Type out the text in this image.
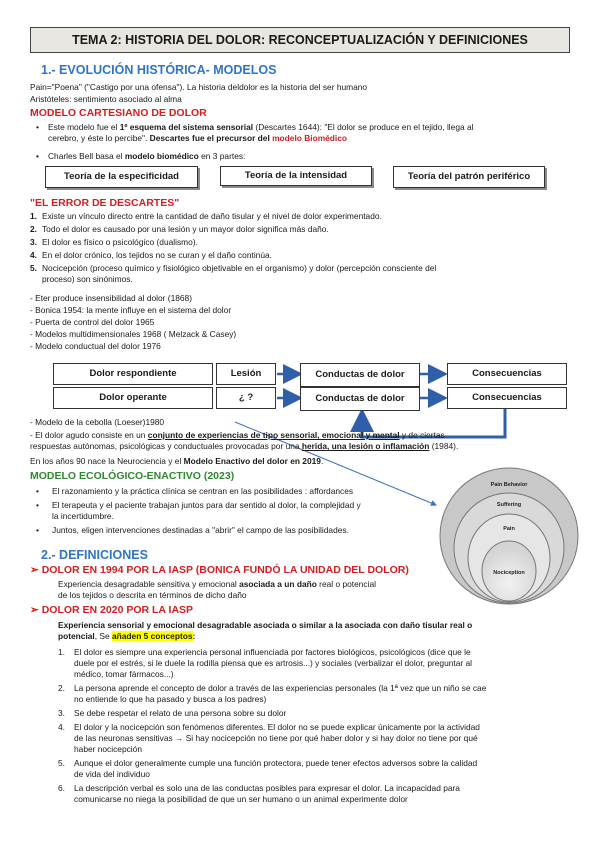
TEMA 2: HISTORIA DEL DOLOR: RECONCEPTUALIZACIÓN Y DEFINICIONES
1.- EVOLUCIÓN HISTÓRICA- MODELOS
Pain="Poena" ("Castigo por una ofensa"). La historia deldolor es la historia del ser humano
Aristóteles: sentimiento asociado al alma
MODELO CARTESIANO DE DOLOR
• Este modelo fue el 1º esquema del sistema sensorial (Descartes 1644): "El dolor se produce en el tejido, llega al
cerebro, y éste lo percibe". Descartes fue el precursor del modelo Biomédico
• Charles Bell basa el modelo biomédico en 3 partes:
Teoría de la especificidad	Teoría de la intensidad	Teoría del patrón periférico
"EL ERROR DE DESCARTES"
1. Existe un vínculo directo entre la cantidad de daño tisular y el nivel de dolor experimentado.
2. Todo el dolor es causado por una lesión y un mayor dolor significa más daño.
3. El dolor es físico o psicológico (dualismo).
4. En el dolor crónico, los tejidos no se curan y el daño continúa.
5. Nocicepción (proceso químico y fisiológico objetivable en el organismo) y dolor (percepción consciente del
proceso) son sinónimos.
- Eter produce insensibilidad al dolor (1868)
- Bonica 1954: la mente influye en el sistema del dolor
- Puerta de control del dolor 1965
- Modelos multidimensionales 1968 ( Melzack & Casey)
- Modelo conductual del dolor 1976
Dolor respondiente	Lesión	Conductas de dolor	Consecuencias
Dolor operante	¿ ?	Conductas de dolor	Consecuencias
- Modelo de la cebolla (Loeser)1980
- El dolor agudo consiste en un conjunto de experiencias de tipo sensorial, emocional y mental y de ciertas
respuestas autónomas, psicológicas y conductuales provocadas por una herida, una lesión o inflamación (1984).
En los años 90 nace la Neurociencia y el Modelo Enactivo del dolor en 2019.
MODELO ECOLÓGICO-ENACTIVO (2023)
• El razonamiento y la práctica clínica se centran en las posibilidades : affordances
• El terapeuta y el paciente trabajan juntos para dar sentido al dolor, la complejidad y
la incertidumbre.
• Juntos, eligen intervenciones destinadas a "abrir" el campo de las posibilidades.
Pain Behavior
Suffering
Pain
Nociception
2.- DEFINICIONES
➢ DOLOR EN 1994 POR LA IASP (BONICA FUNDÓ LA UNIDAD DEL DOLOR)
Experiencia desagradable sensitiva y emocional asociada a un daño real o potencial
de los tejidos o descrita en términos de dicho daño
➢ DOLOR EN 2020 POR LA IASP
Experiencia sensorial y emocional desagradable asociada o similar a la asociada con daño tisular real o
potencial, Se añaden 5 conceptos:
1. El dolor es siempre una experiencia personal influenciada por factores biológicos, psicológicos (dice que le
duele por el estrés, si le duele la rodilla piensa que es artrosis...) y sociales (verbalizar el dolor, preguntar al
médico, tomar fármacos...)
2. La persona aprende el concepto de dolor a través de las experiencias personales (la 1ª vez que un niño se cae
no entiende lo que ha pasado y busca a los padres)
3. Se debe respetar el relato de una persona sobre su dolor
4. El dolor y la nocicepción son fenómenos diferentes. El dolor no se puede explicar únicamente por la actividad
de las neuronas sensitivas → Si hay nocicepción no tiene por qué haber dolor y si hay dolor no tiene por qué
haber nocicepción
5. Aunque el dolor generalmente cumple una función protectora, puede tener efectos adversos sobre la calidad
de vida del individuo
6. La descripción verbal es solo una de las conductas posibles para expresar el dolor. La incapacidad para
comunicarse no niega la posibilidad de que un ser humano o un animal experimente dolor
